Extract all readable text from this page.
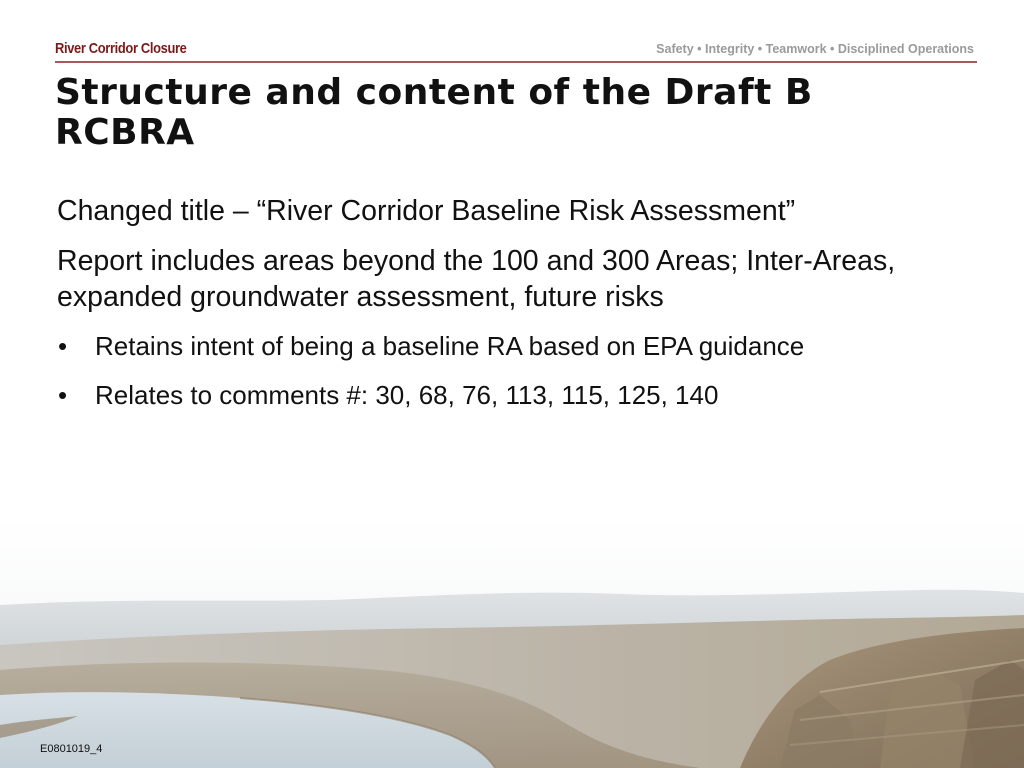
River Corridor Closure	Safety • Integrity • Teamwork • Disciplined Operations
Structure and content of the Draft B RCBRA

Changed title – “River Corridor Baseline Risk Assessment”

Report includes areas beyond the 100 and 300 Areas; Inter-Areas, expanded groundwater assessment, future risks

• Retains intent of being a baseline RA based on EPA guidance
• Relates to comments #: 30, 68, 76, 113, 115, 125, 140
E0801019_4
